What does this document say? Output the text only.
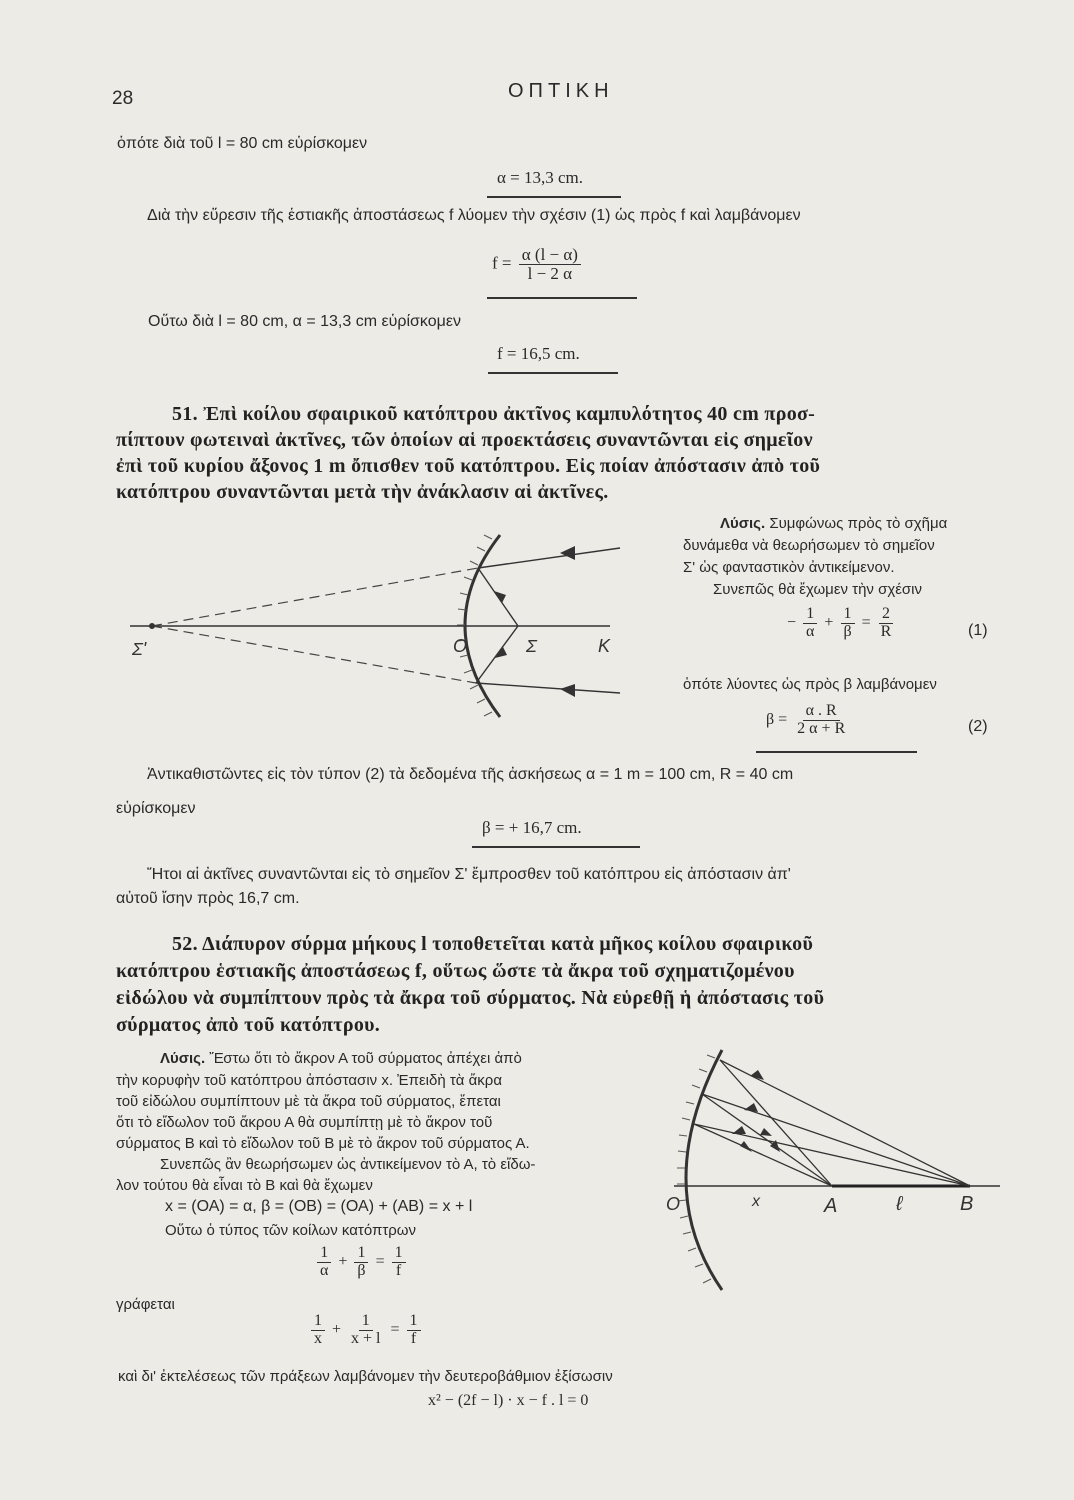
28	ΟΠΤΙΚΗ
ὁπότε διὰ τοῦ l = 80 cm εὑρίσκομεν
α = 13,3 cm.
Διὰ τὴν εὕρεσιν τῆς ἑστιακῆς ἀποστάσεως f λύομεν τὴν σχέσιν (1) ὡς πρὸς f καὶ λαμβάνομεν
$f = \frac{\alpha (l - \alpha)}{l - 2 \alpha}$
Οὕτω διὰ l = 80 cm, α = 13,3 cm εὑρίσκομεν
f = 16,5 cm.
51. Ἐπὶ κοίλου σφαιρικοῦ κατόπτρου ἀκτῖνος καμπυλότητος 40 cm προσ-
πίπτουν φωτειναὶ ἀκτῖνες, τῶν ὁποίων αἱ προεκτάσεις συναντῶνται εἰς σημεῖον
ἐπὶ τοῦ κυρίου ἄξονος 1 m ὄπισθεν τοῦ κατόπτρου. Εἰς ποίαν ἀπόστασιν ἀπὸ τοῦ
κατόπτρου συναντῶνται μετὰ τὴν ἀνάκλασιν αἱ ἀκτῖνες.
Λύσις. Συμφώνως πρὸς τὸ σχῆμα
δυνάμεθα νὰ θεωρήσωμεν τὸ σημεῖον
Σ' ὡς φανταστικὸν ἀντικείμενον.
Συνεπῶς θὰ ἔχωμεν τὴν σχέσιν
− $\frac{1}{\alpha} + \frac{1}{\beta} = \frac{2}{R}$	(1)
ὁπότε λύοντες ὡς πρὸς β λαμβάνομεν
$\beta = \frac{\alpha . R}{2 \alpha + R}$	(2)
Ἀντικαθιστῶντες εἰς τὸν τύπον (2) τὰ δεδομένα τῆς ἀσκήσεως α = 1 m = 100 cm, R = 40 cm
εὑρίσκομεν
β = + 16,7 cm.
Ἤτοι αἱ ἀκτῖνες συναντῶνται εἰς τὸ σημεῖον Σ' ἔμπροσθεν τοῦ κατόπτρου εἰς ἀπόστασιν ἀπ'
αὐτοῦ ἴσην πρὸς 16,7 cm.
Σ'	O	Σ	K
52. Διάπυρον σύρμα μήκους l τοποθετεῖται κατὰ μῆκος κοίλου σφαιρικοῦ
κατόπτρου ἑστιακῆς ἀποστάσεως f, οὕτως ὥστε τὰ ἄκρα τοῦ σχηματιζομένου
εἰδώλου νὰ συμπίπτουν πρὸς τὰ ἄκρα τοῦ σύρματος. Νὰ εὑρεθῇ ἡ ἀπόστασις τοῦ
σύρματος ἀπὸ τοῦ κατόπτρου.
Λύσις. Ἔστω ὅτι τὸ ἄκρον Α τοῦ σύρματος ἀπέχει ἀπὸ
τὴν κορυφὴν τοῦ κατόπτρου ἀπόστασιν x. Ἐπειδὴ τὰ ἄκρα
τοῦ εἰδώλου συμπίπτουν μὲ τὰ ἄκρα τοῦ σύρματος, ἕπεται
ὅτι τὸ εἴδωλον τοῦ ἄκρου Α θὰ συμπίπτῃ μὲ τὸ ἄκρον τοῦ
σύρματος Β καὶ τὸ εἴδωλον τοῦ Β μὲ τὸ ἄκρον τοῦ σύρματος Α.
Συνεπῶς ἂν θεωρήσωμεν ὡς ἀντικείμενον τὸ Α, τὸ εἴδω-
λον τούτου θὰ εἶναι τὸ Β καὶ θὰ ἔχωμεν
x = (ΟΑ) = α, β = (ΟΒ) = (ΟΑ) + (ΑΒ) = x + l
Οὕτω ὁ τύπος τῶν κοίλων κατόπτρων
$\frac{1}{\alpha} + \frac{1}{\beta} = \frac{1}{f}$
γράφεται
$\frac{1}{x} + \frac{1}{x + l} = \frac{1}{f}$
καὶ δι' ἐκτελέσεως τῶν πράξεων λαμβάνομεν τὴν δευτεροβάθμιον ἐξίσωσιν
x² − (2f − l) · x − f . l = 0
O	x	A	ℓ	B
